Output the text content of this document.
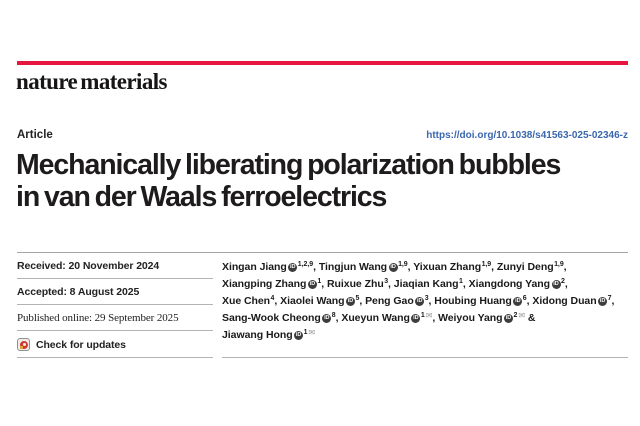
nature materials
Article	https://doi.org/10.1038/s41563-025-02346-z
Mechanically liberating polarization bubbles
in van der Waals ferroelectrics
Received: 20 November 2024
Accepted: 8 August 2025
Published online: 29 September 2025
Check for updates
Xingan Jiang iD $^{1,2,9}$, Tingjun Wang iD $^{1,9}$, Yixuan Zhang$^{1,9}$, Zunyi Deng$^{1,9}$,
Xiangping Zhang iD $^1$, Ruixue Zhu$^3$, Jiaqian Kang$^1$, Xiangdong Yang iD $^2$,
Xue Chen$^4$, Xiaolei Wang iD $^5$, Peng Gao iD $^3$, Houbing Huang iD $^6$, Xidong Duan iD $^7$,
Sang-Wook Cheong iD $^8$, Xueyun Wang iD $^{1✉}$, Weiyou Yang iD $^{2✉}$ &
Jiawang Hong iD $^{1✉}$
